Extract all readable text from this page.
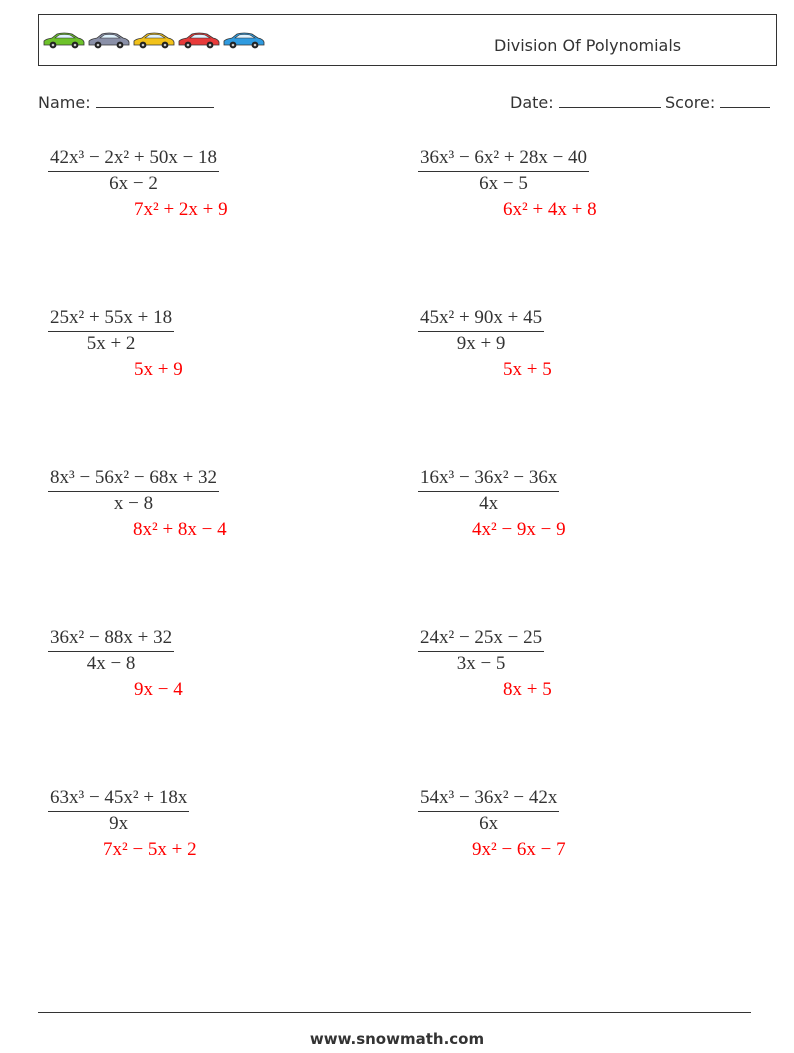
Division Of Polynomials
Name:	Date:	Score:
$\frac{\text{42x³ − 2x² + 50x − 18}}{6x - 2}$
7x² + 2x + 9
$\frac{\text{36x³ − 6x² + 28x − 40}}{6x - 5}$
6x² + 4x + 8
$\frac{\text{25x² + 55x + 18}}{5x + 2}$
5x + 9
$\frac{\text{45x² + 90x + 45}}{9x + 9}$
5x + 5
$\frac{\text{8x³ − 56x² − 68x + 32}}{x - 8}$
8x² + 8x − 4
$\frac{\text{16x³ − 36x² − 36x}}{4x}$
4x² − 9x − 9
$\frac{\text{36x² − 88x + 32}}{4x - 8}$
9x − 4
$\frac{\text{24x² − 25x − 25}}{3x - 5}$
8x + 5
$\frac{\text{63x³ − 45x² + 18x}}{9x}$
7x² − 5x + 2
$\frac{\text{54x³ − 36x² − 42x}}{6x}$
9x² − 6x − 7
www.snowmath.com
